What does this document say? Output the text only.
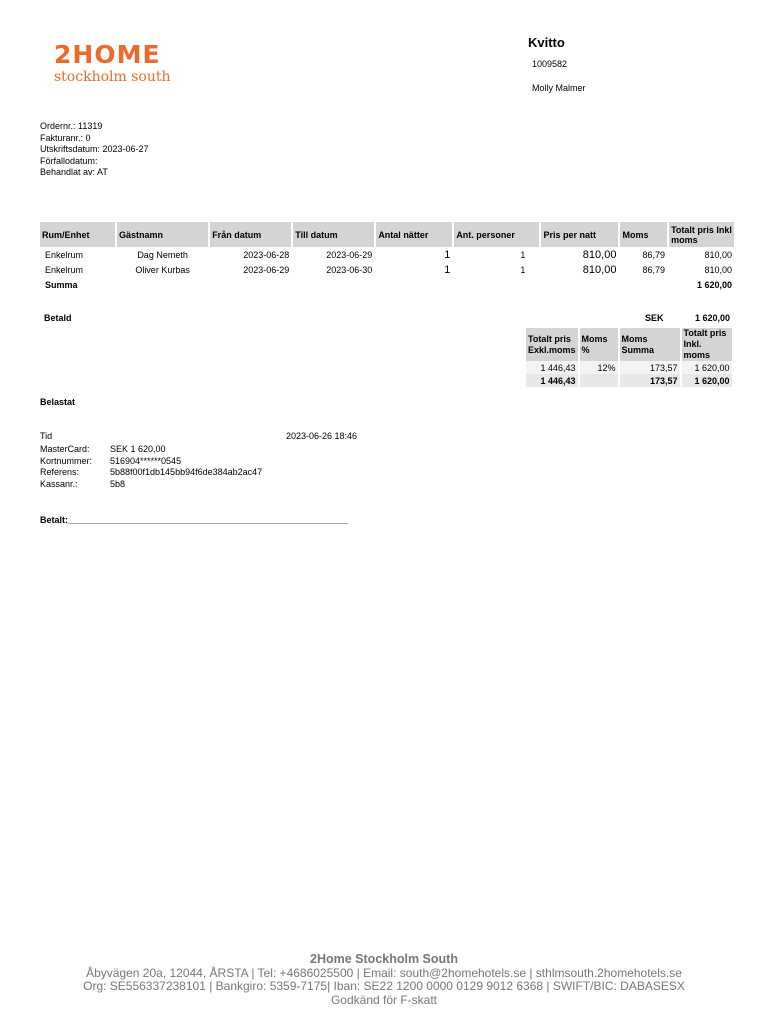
2HOME
stockholm south
Kvitto
1009582
Molly Malmer
Ordernr.: 11319
Fakturanr.: 0
Utskriftsdatum: 2023-06-27
Förfallodatum:
Behandlat av: AT
Rum/Enhet	Gästnamn	Från datum	Till datum	Antal nätter	Ant. personer	Pris per natt	Moms	Totalt pris Inkl moms
Enkelrum	Dag Nemeth	2023-06-28	2023-06-29	1	1	810,00	86,79	810,00
Enkelrum	Oliver Kurbas	2023-06-29	2023-06-30	1	1	810,00	86,79	810,00
Summa								1 620,00
Betald	SEK	1 620,00
Totalt pris Exkl.moms	Moms %	Moms Summa	Totalt pris Inkl. moms
1 446,43	12%	173,57	1 620,00
1 446,43		173,57	1 620,00
Belastat
Tid	2023-06-26 18:46
MasterCard:	SEK 1 620,00
Kortnummer:	516904******0545
Referens:	5b88f00f1db145bb94f6de384ab2ac47
Kassanr.:	5b8
Betalt:________________________________________________________
2Home Stockholm South
Åbyvägen 20a, 12044, ÅRSTA | Tel: +4686025500 | Email: south@2homehotels.se | sthlmsouth.2homehotels.se
Org: SE556337238101 | Bankgiro: 5359-7175| Iban: SE22 1200 0000 0129 9012 6368 | SWIFT/BIC: DABASESX
Godkänd för F-skatt
